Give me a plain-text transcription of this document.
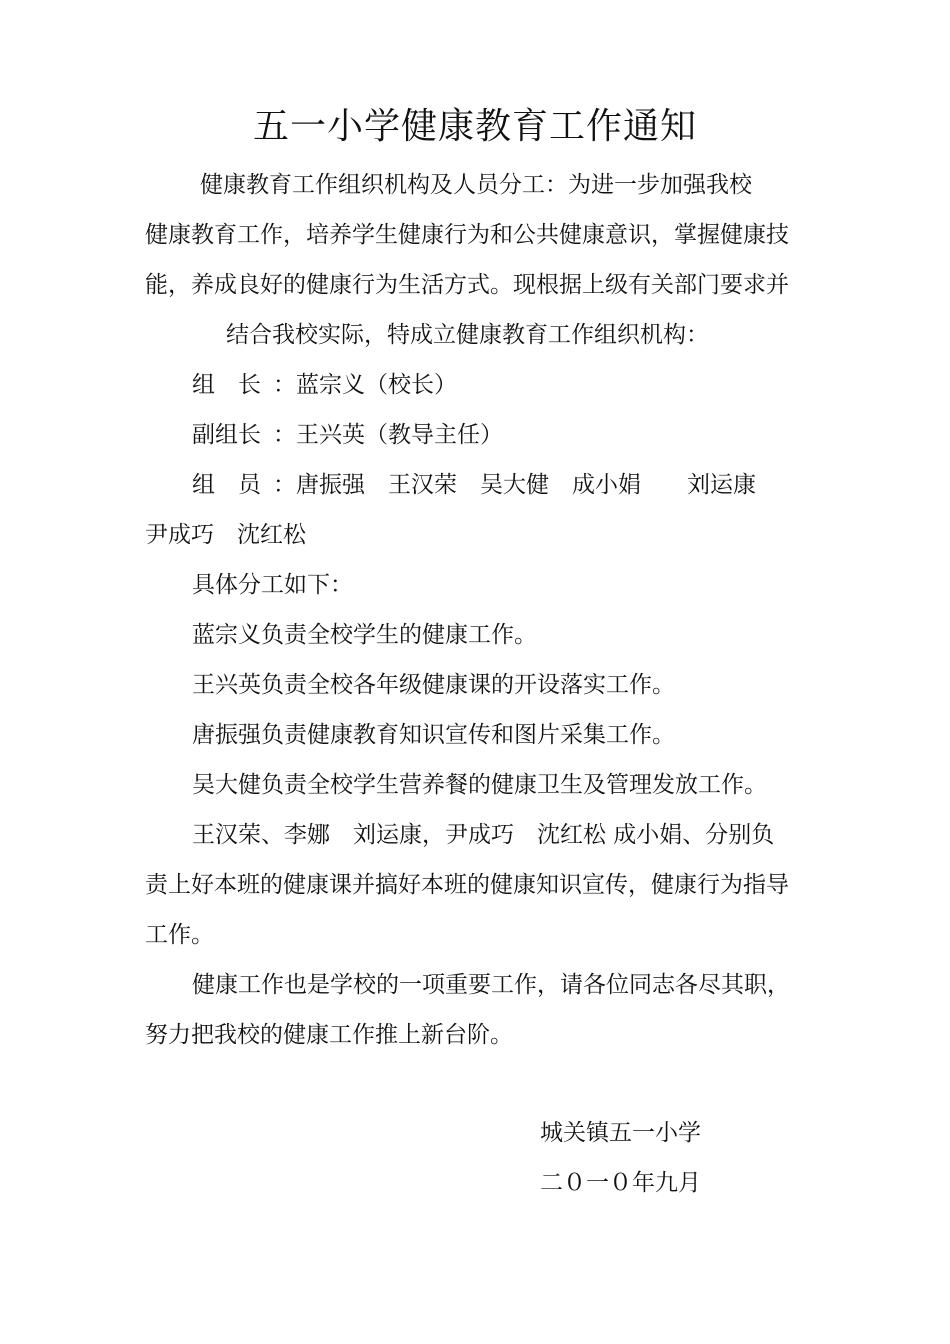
五一小学健康教育工作通知
健康教育工作组织机构及人员分工：为进一步加强我校
健康教育工作，培养学生健康行为和公共健康意识，掌握健康技
能，养成良好的健康行为生活方式。现根据上级有关部门要求并
结合我校实际，特成立健康教育工作组织机构：
组　长 ：蓝宗义（校长）
副组长 ：王兴英（教导主任）
组　员 ：唐振强　王汉荣　吴大健　成小娟　　刘运康
尹成巧　沈红松
具体分工如下：
蓝宗义负责全校学生的健康工作。
王兴英负责全校各年级健康课的开设落实工作。
唐振强负责健康教育知识宣传和图片采集工作。
吴大健负责全校学生营养餐的健康卫生及管理发放工作。
王汉荣、李娜　刘运康，尹成巧　沈红松 成小娟、分别负
责上好本班的健康课并搞好本班的健康知识宣传，健康行为指导
工作。
健康工作也是学校的一项重要工作，请各位同志各尽其职，
努力把我校的健康工作推上新台阶。
城关镇五一小学
二０一０年九月
